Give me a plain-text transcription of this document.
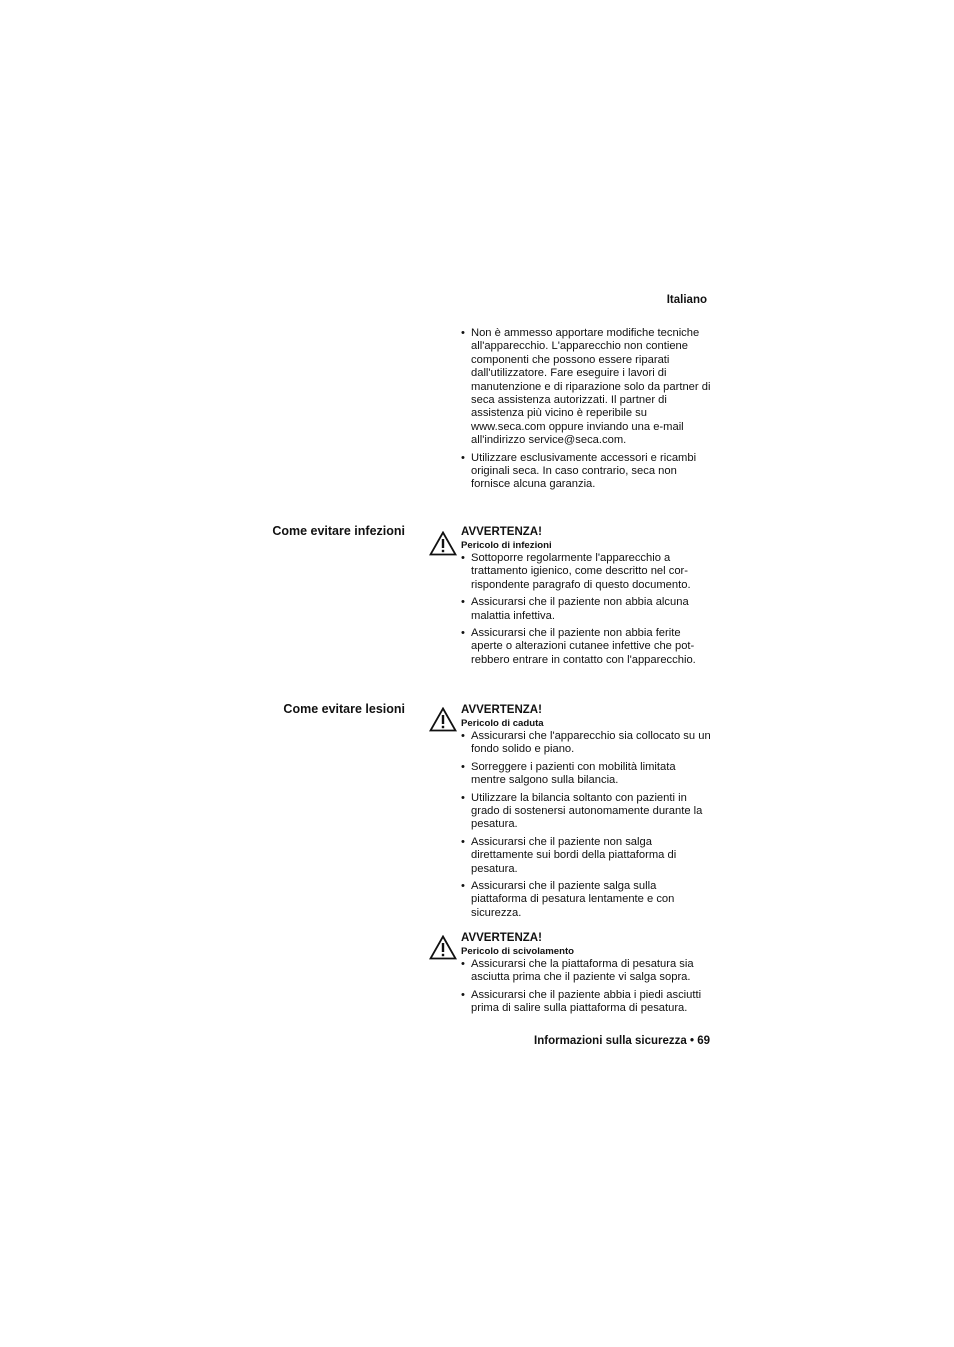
Italiano
• Non è ammesso apportare modifiche tecniche all'apparecchio. L'apparecchio non contiene componenti che possono essere riparati dall'utilizzatore. Fare eseguire i lavori di manutenzione e di riparazione solo da partner di seca assistenza autorizzati. Il partner di assistenza più vicino è reperibile su www.seca.com oppure inviando una e-mail all'indirizzo service@seca.com.
• Utilizzare esclusivamente accessori e ricambi originali seca. In caso contrario, seca non fornisce alcuna garanzia.
Come evitare infezioni	AVVERTENZA!
Pericolo di infezioni
• Sottoporre regolarmente l'apparecchio a trattamento igienico, come descritto nel cor-rispondente paragrafo di questo documento.
• Assicurarsi che il paziente non abbia alcuna malattia infettiva.
• Assicurarsi che il paziente non abbia ferite aperte o alterazioni cutanee infettive che pot-rebbero entrare in contatto con l'apparecchio.
Come evitare lesioni	AVVERTENZA!
Pericolo di caduta
• Assicurarsi che l'apparecchio sia collocato su un fondo solido e piano.
• Sorreggere i pazienti con mobilità limitata mentre salgono sulla bilancia.
• Utilizzare la bilancia soltanto con pazienti in grado di sostenersi autonomamente durante la pesatura.
• Assicurarsi che il paziente non salga direttamente sui bordi della piattaforma di pesatura.
• Assicurarsi che il paziente salga sulla piattaforma di pesatura lentamente e con sicurezza.
AVVERTENZA!
Pericolo di scivolamento
• Assicurarsi che la piattaforma di pesatura sia asciutta prima che il paziente vi salga sopra.
• Assicurarsi che il paziente abbia i piedi asciutti prima di salire sulla piattaforma di pesatura.
Informazioni sulla sicurezza • 69
